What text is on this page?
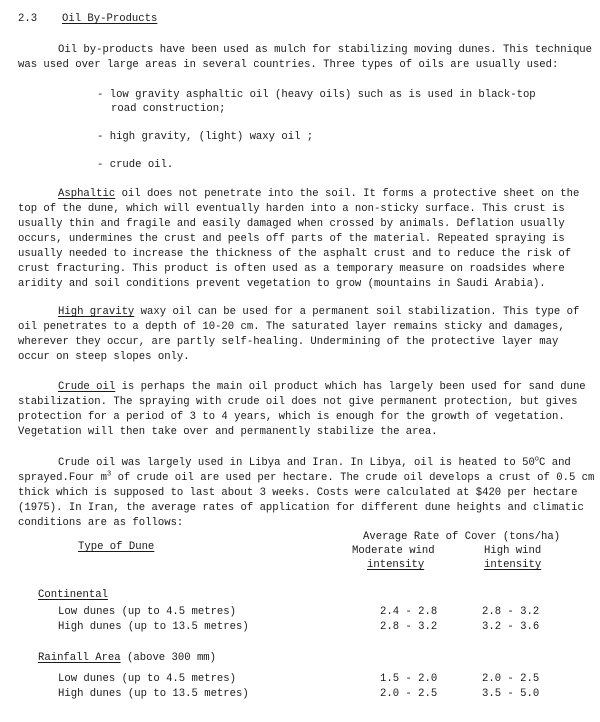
2.3 Oil By-Products
Oil by-products have been used as mulch for stabilizing moving dunes. This technique
was used over large areas in several countries. Three types of oils are usually used:
- low gravity asphaltic oil (heavy oils) such as is used in black-top
road construction;
- high gravity, (light) waxy oil ;
- crude oil.
Asphaltic oil does not penetrate into the soil. It forms a protective sheet on the
top of the dune, which will eventually harden into a non-sticky surface. This crust is
usually thin and fragile and easily damaged when crossed by animals. Deflation usually
occurs, undermines the crust and peels off parts of the material. Repeated spraying is
usually needed to increase the thickness of the asphalt crust and to reduce the risk of
crust fracturing. This product is often used as a temporary measure on roadsides where
aridity and soil conditions prevent vegetation to grow (mountains in Saudi Arabia).
High gravity waxy oil can be used for a permanent soil stabilization. This type of
oil penetrates to a depth of 10-20 cm. The saturated layer remains sticky and damages,
wherever they occur, are partly self-healing. Undermining of the protective layer may
occur on steep slopes only.
Crude oil is perhaps the main oil product which has largely been used for sand dune
stabilization. The spraying with crude oil does not give permanent protection, but gives
protection for a period of 3 to 4 years, which is enough for the growth of vegetation.
Vegetation will then take over and permanently stabilize the area.
Crude oil was largely used in Libya and Iran. In Libya, oil is heated to 50$^o$C and
sprayed.Four $m^3$ of crude oil are used per hectare. The crude oil develops a crust of 0.5 cm
thick which is supposed to last about 3 weeks. Costs were calculated at $420 per hectare
(1975). In Iran, the average rates of application for different dune heights and climatic
conditions are as follows:
Average Rate of Cover (tons/ha)
Type of Dune	Moderate wind
intensity
High wind
intensity
Continental
Low dunes (up to 4.5 metres)	2.4 - 2.8	2.8 - 3.2
High dunes (up to 13.5 metres)	2.8 - 3.2	3.2 - 3.6
Rainfall Area (above 300 mm)
Low dunes (up to 4.5 metres)	1.5 - 2.0	2.0 - 2.5
High dunes (up to 13.5 metres)	2.0 - 2.5	3.5 - 5.0
